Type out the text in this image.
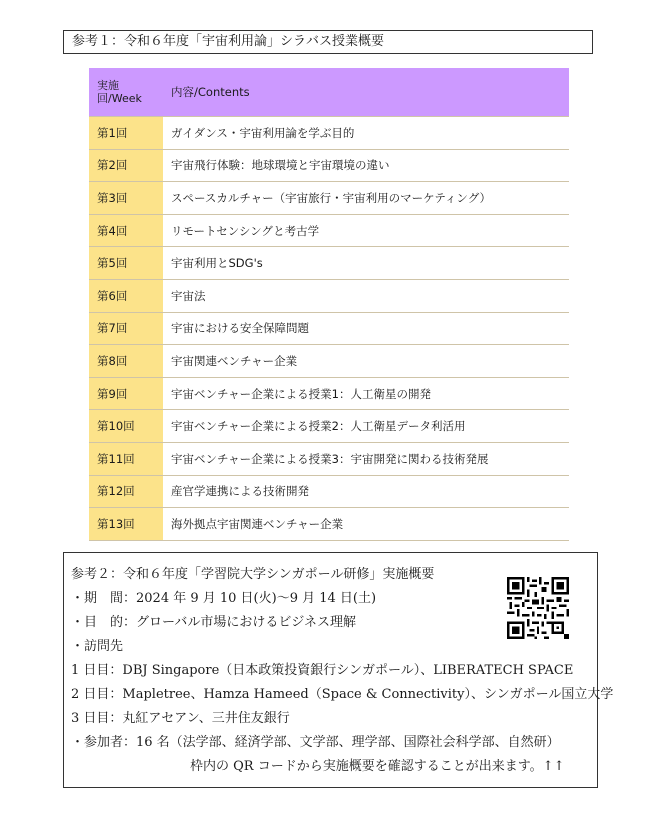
参考１：令和６年度「宇宙利用論」シラバス授業概要
実施回/Week	内容/Contents
第1回	ガイダンス・宇宙利用論を学ぶ目的
第2回	宇宙飛行体験：地球環境と宇宙環境の違い
第3回	スペースカルチャー（宇宙旅行・宇宙利用のマーケティング）
第4回	リモートセンシングと考古学
第5回	宇宙利用とSDG's
第6回	宇宙法
第7回	宇宙における安全保障問題
第8回	宇宙関連ベンチャー企業
第9回	宇宙ベンチャー企業による授業1：人工衛星の開発
第10回	宇宙ベンチャー企業による授業2：人工衛星データ利活用
第11回	宇宙ベンチャー企業による授業3：宇宙開発に関わる技術発展
第12回	産官学連携による技術開発
第13回	海外拠点宇宙関連ベンチャー企業
参考２：令和６年度「学習院大学シンガポール研修」実施概要
・期　間：2024 年 9 月 10 日(火)～9 月 14 日(土)
・目　的：グローバル市場におけるビジネス理解
・訪問先
1 日目：DBJ Singapore（日本政策投資銀行シンガポール）、LIBERATECH SPACE
2 日目：Mapletree、Hamza Hameed（Space & Connectivity）、シンガポール国立大学
3 日目：丸紅アセアン、三井住友銀行
・参加者：16 名（法学部、経済学部、文学部、理学部、国際社会科学部、自然研）
枠内の QR コードから実施概要を確認することが出来ます。↑↑
